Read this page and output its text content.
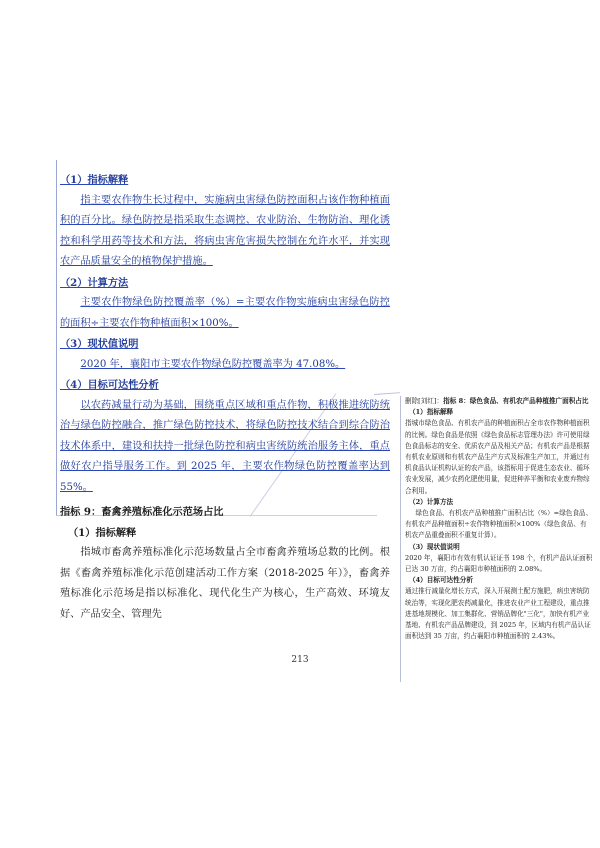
（1）指标解释

指主要农作物生长过程中，实施病虫害绿色防控面积占该作物种植面积的百分比。绿色防控是指采取生态调控、农业防治、生物防治、理化诱控和科学用药等技术和方法，将病虫害危害损失控制在允许水平，并实现农产品质量安全的植物保护措施。

（2）计算方法

主要农作物绿色防控覆盖率（%）=主要农作物实施病虫害绿色防控的面积÷主要农作物种植面积×100%。

（3）现状值说明

2020 年，襄阳市主要农作物绿色防控覆盖率为 47.08%。

（4）目标可达性分析

以农药减量行动为基础，围绕重点区域和重点作物，积极推进统防统治与绿色防控融合，推广绿色防控技术，将绿色防控技术结合到综合防治技术体系中，建设和扶持一批绿色防控和病虫害统防统治服务主体，重点做好农户指导服务工作。到 2025 年，主要农作物绿色防控覆盖率达到 55%。

指标 9：畜禽养殖标准化示范场占比

（1）指标解释

指城市畜禽养殖标准化示范场数量占全市畜禽养殖场总数的比例。根据《畜禽养殖标准化示范创建活动工作方案（2018-2025 年）》，畜禽养殖标准化示范场是指以标准化、现代化生产为核心，生产高效、环境友好、产品安全、管理先

213

删除[刘红]：指标 8：绿色食品、有机农产品种植推广面积占比

（1）指标解释

指城市绿色食品、有机农产品的种植面积占全市农作物种植面积的比例。绿色食品是依照《绿色食品标志管理办法》许可使用绿色食品标志的安全、优质农产品及相关产品；有机农产品是根据有机农业原则和有机农产品生产方式及标准生产加工，并通过有机食品认证机构认证的农产品，该指标用于促进生态农业、循环农业发展，减少农药化肥使用量，促进种养平衡和农业废弃物综合利用。

（2）计算方法

绿色食品、有机农产品种植推广面积占比（%）=绿色食品、有机农产品种植面积÷农作物种植面积×100%（绿色食品、有机农产品重叠面积不重复计算）。

（3）现状值说明

2020 年，襄阳市有效有机认证证书 198 个，有机产品认证面积已达 30 万亩，约占襄阳市种植面积的 2.08%。

（4）目标可达性分析

通过推行减量化增长方式，深入开展测土配方施肥，病虫害统防统治等，实现化肥农药减量化，推进农业产业工程建设，重点推进基地规模化、加工集群化、营销品牌化"三化"，加快有机产业基地、有机农产品品牌建设，到 2025 年，区域内有机产品认证面积达到 35 万亩，约占襄阳市种植面积的 2.43%。
